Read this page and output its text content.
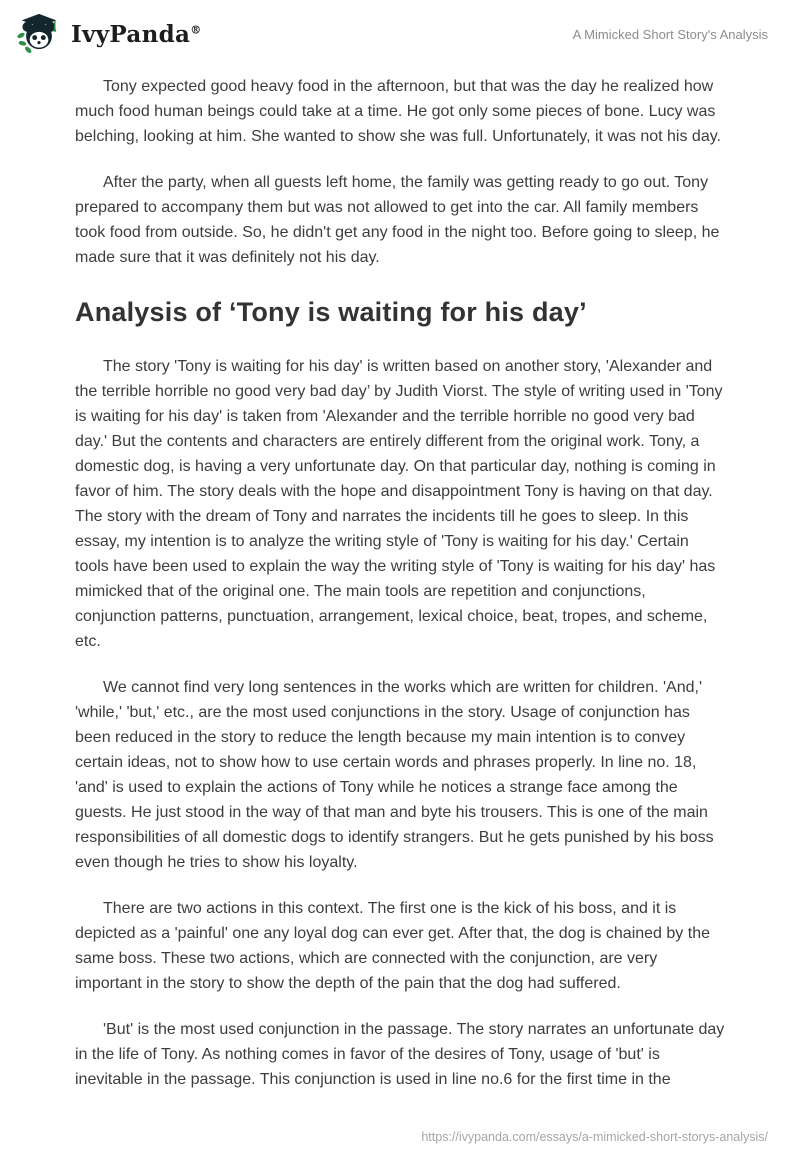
IvyPanda®	A Mimicked Short Story's Analysis

Tony expected good heavy food in the afternoon, but that was the day he realized how much food human beings could take at a time. He got only some pieces of bone. Lucy was belching, looking at him. She wanted to show she was full. Unfortunately, it was not his day.

After the party, when all guests left home, the family was getting ready to go out. Tony prepared to accompany them but was not allowed to get into the car. All family members took food from outside. So, he didn't get any food in the night too. Before going to sleep, he made sure that it was definitely not his day.

Analysis of ‘Tony is waiting for his day’

The story 'Tony is waiting for his day' is written based on another story, 'Alexander and the terrible horrible no good very bad day’ by Judith Viorst. The style of writing used in 'Tony is waiting for his day' is taken from 'Alexander and the terrible horrible no good very bad day.' But the contents and characters are entirely different from the original work. Tony, a domestic dog, is having a very unfortunate day. On that particular day, nothing is coming in favor of him. The story deals with the hope and disappointment Tony is having on that day. The story with the dream of Tony and narrates the incidents till he goes to sleep. In this essay, my intention is to analyze the writing style of 'Tony is waiting for his day.' Certain tools have been used to explain the way the writing style of 'Tony is waiting for his day' has mimicked that of the original one. The main tools are repetition and conjunctions, conjunction patterns, punctuation, arrangement, lexical choice, beat, tropes, and scheme, etc.

We cannot find very long sentences in the works which are written for children. 'And,' 'while,' 'but,' etc., are the most used conjunctions in the story. Usage of conjunction has been reduced in the story to reduce the length because my main intention is to convey certain ideas, not to show how to use certain words and phrases properly. In line no. 18, 'and' is used to explain the actions of Tony while he notices a strange face among the guests. He just stood in the way of that man and byte his trousers. This is one of the main responsibilities of all domestic dogs to identify strangers. But he gets punished by his boss even though he tries to show his loyalty.

There are two actions in this context. The first one is the kick of his boss, and it is depicted as a 'painful' one any loyal dog can ever get. After that, the dog is chained by the same boss. These two actions, which are connected with the conjunction, are very important in the story to show the depth of the pain that the dog had suffered.

'But' is the most used conjunction in the passage. The story narrates an unfortunate day in the life of Tony. As nothing comes in favor of the desires of Tony, usage of 'but' is inevitable in the passage. This conjunction is used in line no.6 for the first time in the

https://ivypanda.com/essays/a-mimicked-short-storys-analysis/
